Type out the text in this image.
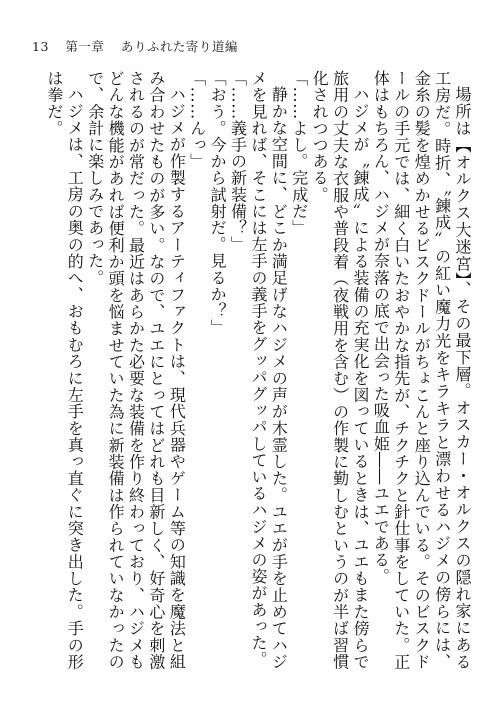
13 第一章 ありふれた寄り道編

場所は【オルクス大迷宮】、その最下層。オスカー・オルクスの隠れ家にある工房だ。時折、〝錬成〟の紅い魔力光をキラキラと漂わせるハジメの傍らには、金糸の髪を煌めかせるビスクドールがちょこんと座り込んでいる。そのビスクドールの手元では、細く白いたおやかな指先が、チクチクと針仕事をしていた。正体はもちろん、ハジメが奈落の底で出会った吸血姫――ユエである。

ハジメが〝錬成〟による装備の充実化を図っているときは、ユエもまた傍らで旅用の丈夫な衣服や普段着（夜戦用を含む）の作製に勤しむというのが半ば習慣化されつつある。

「……よし。完成だ」

静かな空間に、どこか満足げなハジメの声が木霊した。ユエが手を止めてハジメを見れば、そこには左手の義手をグッパグッパしているハジメの姿があった。

「……義手の新装備？」

「おう。今から試射だ。見るか？」

「……んっ」

ハジメが作製するアーティファクトは、現代兵器やゲーム等の知識を魔法と組み合わせたものが多い。なので、ユエにとってはどれも目新しく、好奇心を刺激されるのが常だった。最近はあらかた必要な装備を作り終わっており、ハジメもどんな機能があれば便利か頭を悩ませていた為に新装備は作られていなかったので、余計に楽しみであった。

ハジメは、工房の奥の的へ、おもむろに左手を真っ直ぐに突き出した。手の形は拳だ。
